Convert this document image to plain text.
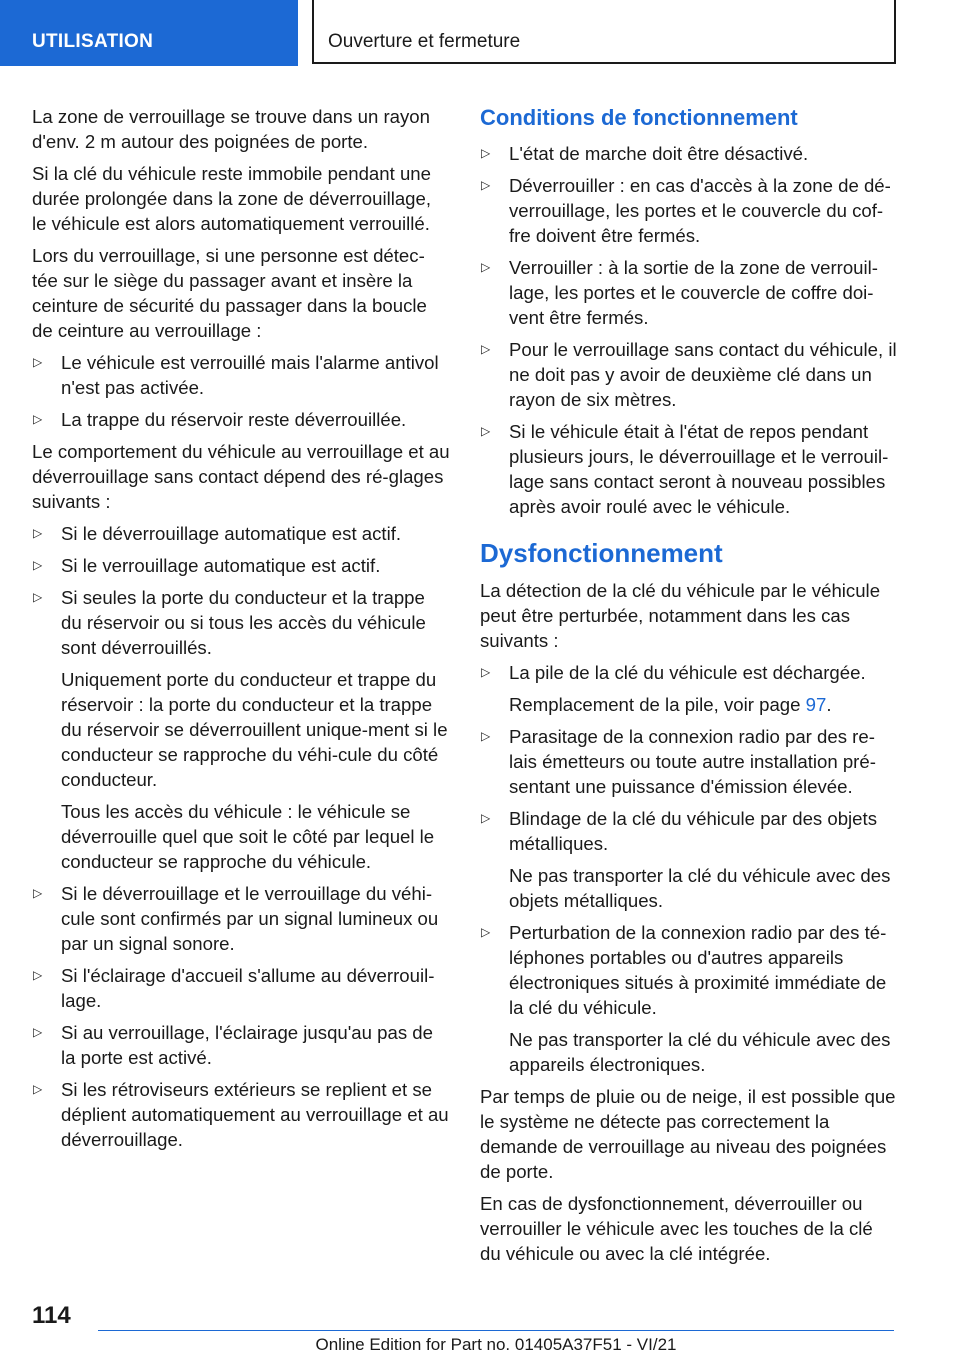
UTILISATION	Ouverture et fermeture

La zone de verrouillage se trouve dans un rayon d'env. 2 m autour des poignées de porte.

Si la clé du véhicule reste immobile pendant une durée prolongée dans la zone de déverrouillage, le véhicule est alors automatiquement verrouillé.

Lors du verrouillage, si une personne est détec-tée sur le siège du passager avant et insère la ceinture de sécurité du passager dans la boucle de ceinture au verrouillage :

▷ Le véhicule est verrouillé mais l'alarme antivol n'est pas activée.
▷ La trappe du réservoir reste déverrouillée.

Le comportement du véhicule au verrouillage et au déverrouillage sans contact dépend des ré-glages suivants :

▷ Si le déverrouillage automatique est actif.
▷ Si le verrouillage automatique est actif.
▷ Si seules la porte du conducteur et la trappe du réservoir ou si tous les accès du véhicule sont déverrouillés.
Uniquement porte du conducteur et trappe du réservoir : la porte du conducteur et la trappe du réservoir se déverrouillent unique-ment si le conducteur se rapproche du véhi-cule du côté conducteur.
Tous les accès du véhicule : le véhicule se déverrouille quel que soit le côté par lequel le conducteur se rapproche du véhicule.
▷ Si le déverrouillage et le verrouillage du véhi-cule sont confirmés par un signal lumineux ou par un signal sonore.
▷ Si l'éclairage d'accueil s'allume au déverrouil-lage.
▷ Si au verrouillage, l'éclairage jusqu'au pas de la porte est activé.
▷ Si les rétroviseurs extérieurs se replient et se déplient automatiquement au verrouillage et au déverrouillage.
Conditions de fonctionnement
▷ L'état de marche doit être désactivé.
▷ Déverrouiller : en cas d'accès à la zone de dé-verrouillage, les portes et le couvercle du cof-fre doivent être fermés.
▷ Verrouiller : à la sortie de la zone de verrouil-lage, les portes et le couvercle de coffre doi-vent être fermés.
▷ Pour le verrouillage sans contact du véhicule, il ne doit pas y avoir de deuxième clé dans un rayon de six mètres.
▷ Si le véhicule était à l'état de repos pendant plusieurs jours, le déverrouillage et le verrouil-lage sans contact seront à nouveau possibles après avoir roulé avec le véhicule.
Dysfonctionnement

La détection de la clé du véhicule par le véhicule peut être perturbée, notamment dans les cas suivants :

▷ La pile de la clé du véhicule est déchargée.
Remplacement de la pile, voir page 97.
▷ Parasitage de la connexion radio par des re-lais émetteurs ou toute autre installation pré-sentant une puissance d'émission élevée.
▷ Blindage de la clé du véhicule par des objets métalliques.
Ne pas transporter la clé du véhicule avec des objets métalliques.
▷ Perturbation de la connexion radio par des té-léphones portables ou d'autres appareils électroniques situés à proximité immédiate de la clé du véhicule.
Ne pas transporter la clé du véhicule avec des appareils électroniques.

Par temps de pluie ou de neige, il est possible que le système ne détecte pas correctement la demande de verrouillage au niveau des poignées de porte.

En cas de dysfonctionnement, déverrouiller ou verrouiller le véhicule avec les touches de la clé du véhicule ou avec la clé intégrée.

114
Online Edition for Part no. 01405A37F51 - VI/21
